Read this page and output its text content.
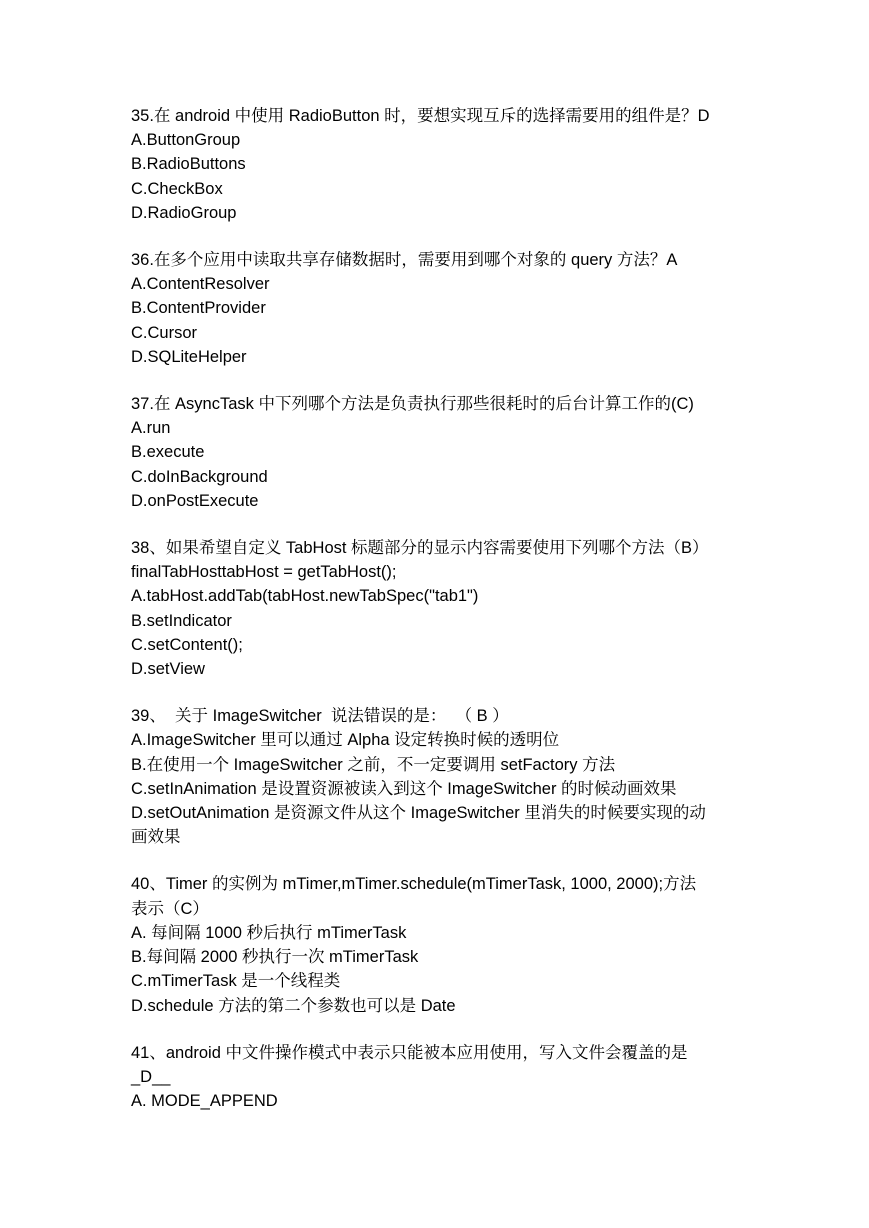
35.在 android 中使用 RadioButton 时，要想实现互斥的选择需要用的组件是？D
A.ButtonGroup
B.RadioButtons
C.CheckBox
D.RadioGroup
36.在多个应用中读取共享存储数据时，需要用到哪个对象的 query 方法？A
A.ContentResolver
B.ContentProvider
C.Cursor
D.SQLiteHelper
37.在 AsyncTask 中下列哪个方法是负责执行那些很耗时的后台计算工作的(C)
A.run
B.execute
C.doInBackground
D.onPostExecute
38、如果希望自定义 TabHost 标题部分的显示内容需要使用下列哪个方法（B）
finalTabHosttabHost = getTabHost();
A.tabHost.addTab(tabHost.newTabSpec("tab1")
B.setIndicator
C.setContent();
D.setView
39、  关于 ImageSwitcher  说法错误的是：  （ B ）
A.ImageSwitcher 里可以通过 Alpha 设定转换时候的透明位
B.在使用一个 ImageSwitcher 之前，不一定要调用 setFactory 方法
C.setInAnimation 是设置资源被读入到这个 ImageSwitcher 的时候动画效果
D.setOutAnimation 是资源文件从这个 ImageSwitcher 里消失的时候要实现的动
画效果
40、Timer 的实例为 mTimer,mTimer.schedule(mTimerTask, 1000, 2000);方法
表示（C）
A. 每间隔 1000 秒后执行 mTimerTask
B.每间隔 2000 秒执行一次 mTimerTask
C.mTimerTask 是一个线程类
D.schedule 方法的第二个参数也可以是 Date
41、android 中文件操作模式中表示只能被本应用使用，写入文件会覆盖的是
_D__
A. MODE_APPEND
